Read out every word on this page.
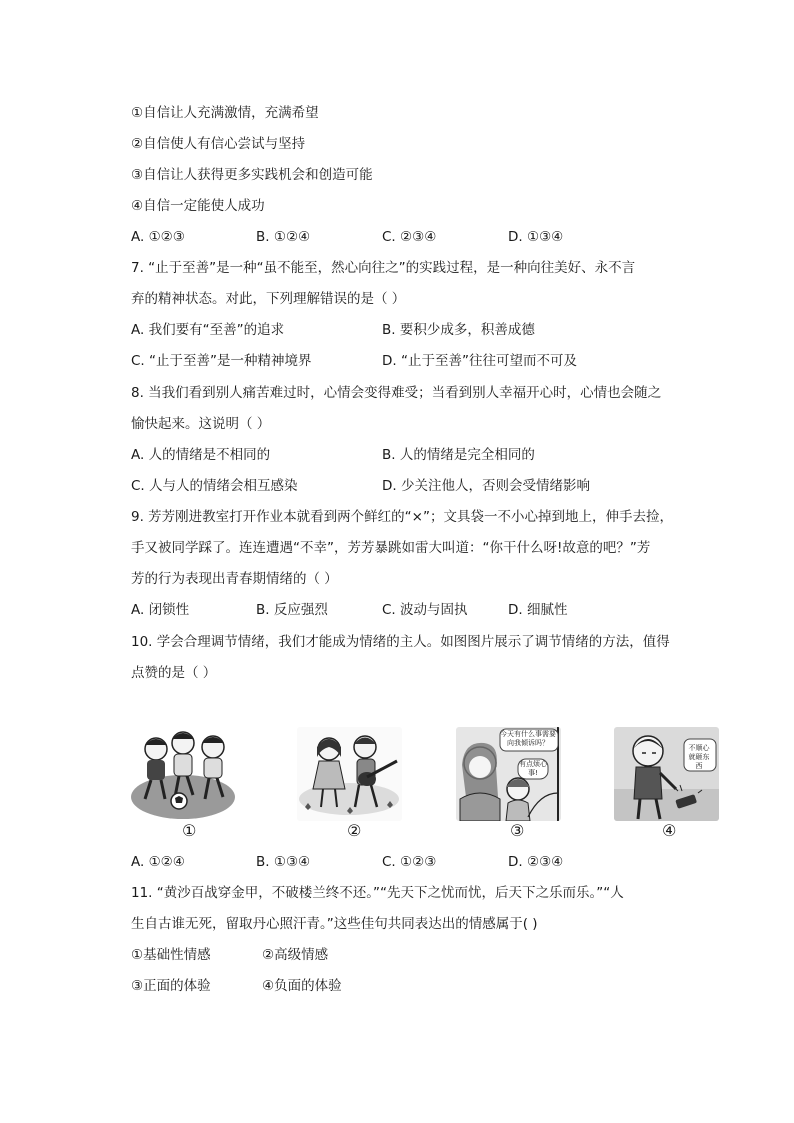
①自信让人充满激情，充满希望
②自信使人有信心尝试与坚持
③自信让人获得更多实践机会和创造可能
④自信一定能使人成功
A. ①②③	B. ①②④	C. ②③④	D. ①③④
7. “止于至善”是一种“虽不能至，然心向往之”的实践过程，是一种向往美好、永不言
弃的精神状态。对此，下列理解错误的是（ ）
A. 我们要有“至善”的追求	B. 要积少成多，积善成德
C. “止于至善”是一种精神境界	D. “止于至善”往往可望而不可及
8. 当我们看到别人痛苦难过时，心情会变得难受；当看到别人幸福开心时，心情也会随之
愉快起来。这说明（ ）
A. 人的情绪是不相同的	B. 人的情绪是完全相同的
C. 人与人的情绪会相互感染	D. 少关注他人，否则会受情绪影响
9. 芳芳刚进教室打开作业本就看到两个鲜红的“×”；文具袋一不小心掉到地上，伸手去捡，
手又被同学踩了。连连遭遇“不幸”，芳芳暴跳如雷大叫道：“你干什么呀!故意的吧？”芳
芳的行为表现出青春期情绪的（ ）
A. 闭锁性	B. 反应强烈	C. 波动与固执	D. 细腻性
10. 学会合理调节情绪，我们才能成为情绪的主人。如图图片展示了调节情绪的方法，值得
点赞的是（ ）
①	②
今天有什么事需要向我倾诉吗？
有点烦心事!
③
不顺心就砸东西
④
A. ①②④	B. ①③④	C. ①②③	D. ②③④
11. “黄沙百战穿金甲，不破楼兰终不还。”“先天下之忧而忧，后天下之乐而乐。”“人
生自古谁无死，留取丹心照汗青。”这些佳句共同表达出的情感属于( )
①基础性情感	②高级情感
③正面的体验	④负面的体验
